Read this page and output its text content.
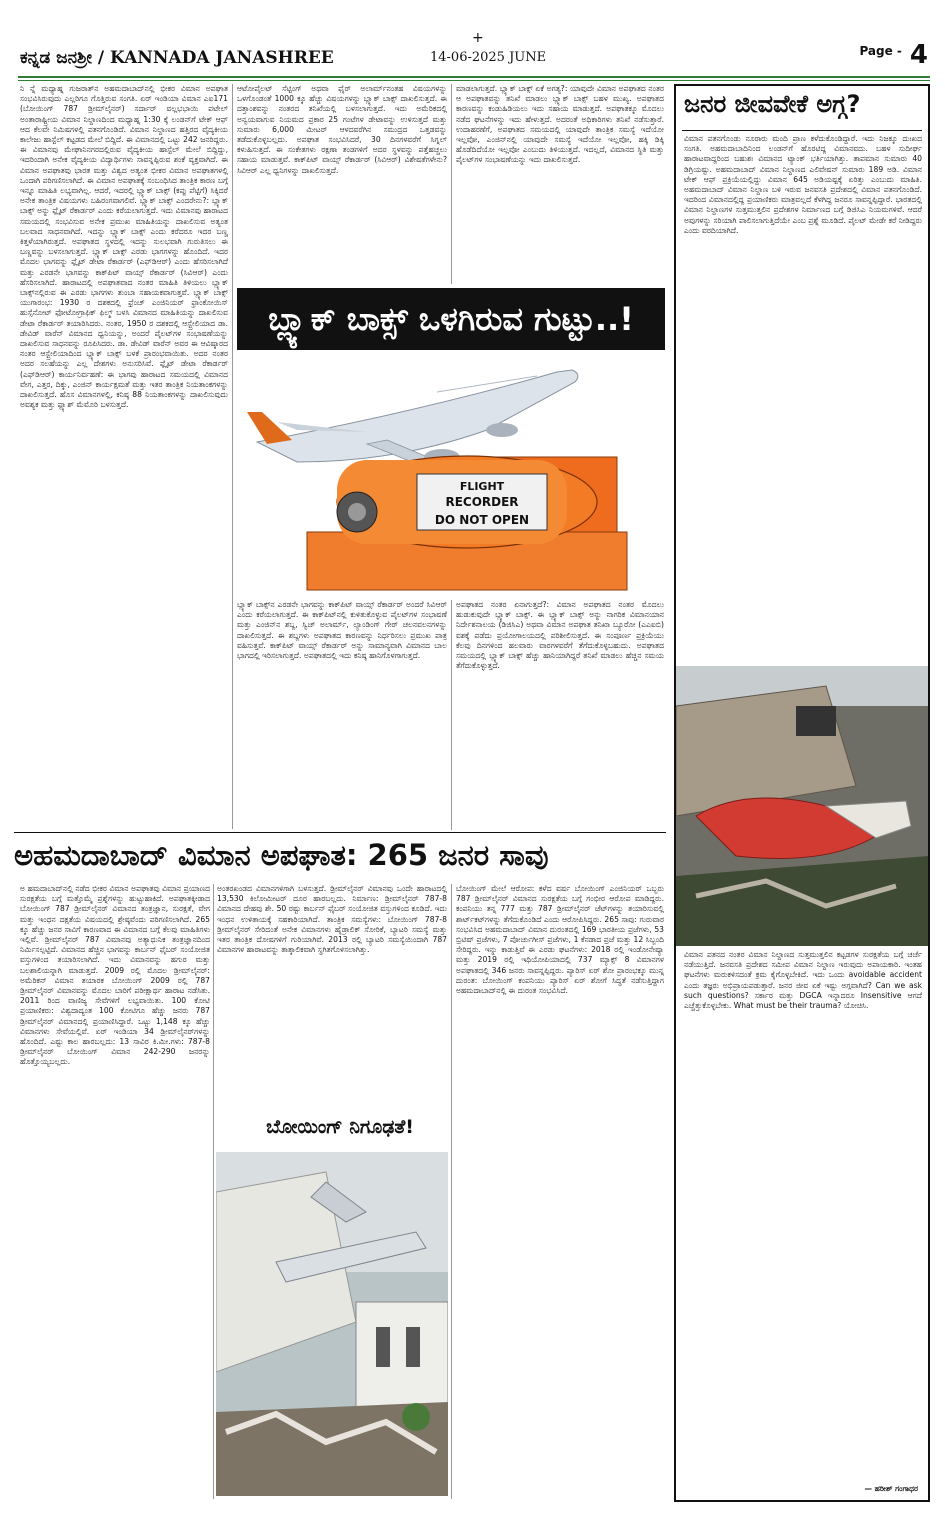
ಕನ್ನಡ ಜನಶ್ರೀ / KANNADA JANASHREE
+
14-06-2025 JUNE	$^{Page -}$ 4

ನಿ ನ್ನೆ ಮಧ್ಯಾಹ್ನ ಗುಜರಾತ್‌ನ ಅಹಮದಾಬಾದ್‌ನಲ್ಲಿ ಭೀಕರ ವಿಮಾನ ಅಪಘಾತ ಸಂಭವಿಸಿರುವುದು ಎಲ್ಲರಿಗೂ ಗೊತ್ತಿರುವ ಸಂಗತಿ. ಏರ್ ಇಂಡಿಯಾ ವಿಮಾನ ಎಐ171 (ಬೋಯಿಂಗ್ 787 ಡ್ರೀಮ್‌ಲೈನರ್) ಸರ್ದಾರ್ ವಲ್ಲಭಭಾಯಿ ಪಟೇಲ್ ಅಂತಾರಾಷ್ಟ್ರೀಯ ವಿಮಾನ ನಿಲ್ದಾಣದಿಂದ ಮಧ್ಯಾಹ್ನ 1:30 ಕ್ಕೆ ಲಂಡನ್‌ಗೆ ಟೇಕ್ ಆಫ್ ಆದ ಕೆಲವೇ ನಿಮಿಷಗಳಲ್ಲಿ ಪತನಗೊಂಡಿದೆ. ವಿಮಾನ ನಿಲ್ದಾಣದ ಹತ್ತಿರದ ವೈದ್ಯಕೀಯ ಕಾಲೇಜು ಹಾಸ್ಟೆಲ್ ಕಟ್ಟಡದ ಮೇಲೆ ಬಿದ್ದಿದೆ. ಈ ವಿಮಾನದಲ್ಲಿ ಒಟ್ಟು 242 ಜನರಿದ್ದರು. ಈ ವಿಮಾನವು ಮೇಘಾನಿನಗರದಲ್ಲಿರುವ ವೈದ್ಯಕೀಯ ಹಾಸ್ಟೆಲ್ ಮೇಲೆ ಬಿದ್ದಿದ್ದು, ಇದರಿಂದಾಗಿ ಅನೇಕ ವೈದ್ಯಕೀಯ ವಿದ್ಯಾರ್ಥಿಗಳು ಸಾವನ್ನಪ್ಪಿರುವ ಶಂಕೆ ವ್ಯಕ್ತವಾಗಿದೆ. ಈ ವಿಮಾನ ಅಪಘಾತವು ಭಾರತ ಮತ್ತು ವಿಶ್ವದ ಅತ್ಯಂತ ಭೀಕರ ವಿಮಾನ ಅಪಘಾತಗಳಲ್ಲಿ ಒಂದಾಗಿ ಪರಿಗಣಿಸಲಾಗಿದೆ. ಈ ವಿಮಾನ ಅಪಘಾತಕ್ಕೆ ಸಂಬಂಧಿಸಿದ ತಾಂತ್ರಿಕ ಕಾರಣ ಬಗ್ಗೆ ಇನ್ನೂ ಮಾಹಿತಿ ಲಭ್ಯವಾಗಿಲ್ಲ. ಆದರೆ, ಇದರಲ್ಲಿ ಬ್ಲ್ಯಾಕ್ ಬಾಕ್ಸ್ (ಕಪ್ಪು ಪೆಟ್ಟಿಗೆ) ಸಿಕ್ಕಿದರೆ ಅನೇಕ ತಾಂತ್ರಿಕ ವಿಷಯಗಳು ಬಹಿರಂಗವಾಗಲಿವೆ. ಬ್ಲ್ಯಾಕ್ ಬಾಕ್ಸ್ ಎಂದರೇನು?: ಬ್ಲ್ಯಾಕ್ ಬಾಕ್ಸ್ ಅನ್ನು ಫ್ಲೈಟ್ ರೆಕಾರ್ಡರ್ ಎಂದು ಕರೆಯಲಾಗುತ್ತದೆ. ಇದು ವಿಮಾನವು ಹಾರಾಟದ ಸಮಯದಲ್ಲಿ ಸಂಭವಿಸುವ ಅನೇಕ ಪ್ರಮುಖ ಮಾಹಿತಿಯನ್ನು ದಾಖಲಿಸುವ ಅತ್ಯಂತ ಬಲವಾದ ಸಾಧನವಾಗಿದೆ. ಇದನ್ನು ಬ್ಲ್ಯಾಕ್ ಬಾಕ್ಸ್ ಎಂದು ಕರೆದರೂ ಇದರ ಬಣ್ಣ ಕಿತ್ತಳೆಯಾಗಿರುತ್ತದೆ. ಅಪಘಾತದ ಸ್ಥಳದಲ್ಲಿ ಇದನ್ನು ಸುಲಭವಾಗಿ ಗುರುತಿಸಲು ಈ ಬಣ್ಣವನ್ನು ಬಳಸಲಾಗುತ್ತದೆ. ಬ್ಲ್ಯಾಕ್ ಬಾಕ್ಸ್ ಎರಡು ಭಾಗಗಳನ್ನು ಹೊಂದಿದೆ. ಇದರ ಮೊದಲ ಭಾಗವನ್ನು ಫ್ಲೈಟ್ ಡೇಟಾ ರೆಕಾರ್ಡರ್ (ಎಫ್‌ಡಿಆರ್) ಎಂದು ಹೆಸರಿಸಲಾಗಿದೆ ಮತ್ತು ಎರಡನೇ ಭಾಗವನ್ನು ಕಾಕ್‌ಪಿಟ್ ವಾಯ್ಸ್ ರೆಕಾರ್ಡರ್ (ಸಿವಿಆರ್) ಎಂದು ಹೆಸರಿಸಲಾಗಿದೆ. ಹಾರಾಟದಲ್ಲಿ ಅಪಘಾತವಾದ ನಂತರ ಮಾಹಿತಿ ತಿಳಿಯಲು ಬ್ಲ್ಯಾಕ್ ಬಾಕ್ಸ್‌ನಲ್ಲಿರುವ ಈ ಎರಡು ಭಾಗಗಳು ತುಂಬಾ ಸಹಾಯಕವಾಗುತ್ತವೆ. ಬ್ಲ್ಯಾಕ್ ಬಾಕ್ಸ್ ಯುಗಾರಂಭ: 1930 ರ ದಶಕದಲ್ಲಿ ಫ್ರೆಂಚ್ ಎಂಜಿನಿಯರ್ ಫ್ರಾಂಕೋಯಿಸ್ ಹುಸ್ಸೆನೋಟ್ ಫೋಟೋಗ್ರಾಫಿಕ್ ಫಿಲ್ಮ್ ಬಳಸಿ ವಿಮಾನದ ಮಾಹಿತಿಯನ್ನು ದಾಖಲಿಸುವ ಡೇಟಾ ರೆಕಾರ್ಡರ್ ತಯಾರಿಸಿದರು. ನಂತರ, 1950 ರ ದಶಕದಲ್ಲಿ ಆಸ್ಟ್ರೇಲಿಯಾದ ಡಾ. ಡೇವಿಡ್ ವಾರೆನ್ ವಿಮಾನದ ಧ್ವನಿಯನ್ನು, ಅಂದರೆ ಪೈಲಟ್‌ಗಳ ಸಂಭಾಷಣೆಯನ್ನು ದಾಖಲಿಸುವ ಸಾಧನವನ್ನು ರೂಪಿಸಿದರು. ಡಾ. ಡೇವಿಡ್ ವಾರೆನ್ ಅವರ ಈ ಆವಿಷ್ಕಾರದ ನಂತರ ಆಸ್ಟ್ರೇಲಿಯಾದಿಂದ ಬ್ಲ್ಯಾಕ್ ಬಾಕ್ಸ್ ಬಳಕೆ ಪ್ರಾರಂಭವಾಯಿತು. ಅದರ ನಂತರ ಅದರ ಸಲಹೆಯನ್ನು ಎಲ್ಲ ದೇಶಗಳು ಅನುಸರಿಸಿವೆ. ಫ್ಲೈಟ್ ಡೇಟಾ ರೆಕಾರ್ಡರ್ (ಎಫ್‌ಡಿಆರ್) ಕಾರ್ಯನಿರ್ವಹಣೆ: ಈ ಭಾಗವು ಹಾರಾಟದ ಸಮಯದಲ್ಲಿ ವಿಮಾನದ ವೇಗ, ಎತ್ತರ, ದಿಕ್ಕು, ಎಂಜಿನ್ ಕಾರ್ಯಕ್ಷಮತೆ ಮತ್ತು ಇತರ ತಾಂತ್ರಿಕ ನಿಯತಾಂಕಗಳನ್ನು ದಾಖಲಿಸುತ್ತದೆ. ಹೊಸ ವಿಮಾನಗಳಲ್ಲಿ, ಕನಿಷ್ಠ 88 ನಿಯತಾಂಕಗಳನ್ನು ದಾಖಲಿಸುವುದು ಅವಶ್ಯಕ ಮತ್ತು ಫ್ಲ್ಯಾಶ್ ಮೆಮೊರಿ ಬಳಸುತ್ತದೆ.

ಆಟೋಪೈಲಟ್ ಸೆಟ್ಟಿಂಗ್ ಅಥವಾ ಫೈರ್ ಅಲಾರ್ಮ್‌ನಂತಹ ವಿಷಯಗಳನ್ನು ಒಳಗೊಂಡಂತೆ 1000 ಕ್ಕೂ ಹೆಚ್ಚು ವಿಷಯಗಳನ್ನು ಬ್ಲ್ಯಾಕ್ ಬಾಕ್ಸ್ ದಾಖಲಿಸುತ್ತದೆ. ಈ ದತ್ತಾಂಶವನ್ನು ನಂತರದ ತನಿಖೆಯಲ್ಲಿ ಬಳಸಲಾಗುತ್ತದೆ. ಇದು ಅಮೆರಿಕದಲ್ಲಿ ಅನ್ವಯವಾಗುವ ನಿಯಮದ ಪ್ರಕಾರ 25 ಗಂಟೆಗಳ ಡೇಟಾವನ್ನು ಉಳಿಸುತ್ತದೆ ಮತ್ತು ಸುಮಾರು 6,000 ಮೀಟರ್ ಆಳದವರೆಗಿನ ಸಮುದ್ರದ ಒತ್ತಡವನ್ನು ತಡೆದುಕೊಳ್ಳಬಲ್ಲದು. ಅಪಘಾತ ಸಂಭವಿಸಿದರೆ, 30 ದಿನಗಳವರೆಗೆ ಸಿಗ್ನಲ್ ಕಳುಹಿಸುತ್ತದೆ. ಈ ಸಂಕೇತಗಳು ರಕ್ಷಣಾ ತಂಡಗಳಿಗೆ ಅದರ ಸ್ಥಳವನ್ನು ಪತ್ತೆಹಚ್ಚಲು ಸಹಾಯ ಮಾಡುತ್ತವೆ. ಕಾಕ್‌ಪಿಟ್ ವಾಯ್ಸ್ ರೆಕಾರ್ಡರ್ (ಸಿವಿಆರ್) ವಿಶೇಷತೆಗಳೇನು? ಸಿವಿಆರ್ ಎಲ್ಲ ಧ್ವನಿಗಳನ್ನು ದಾಖಲಿಸುತ್ತದೆ.

ಮಾಡಲಾಗುತ್ತದೆ. ಬ್ಲ್ಯಾಕ್ ಬಾಕ್ಸ್ ಏಕೆ ಅಗತ್ಯ?: ಯಾವುದೇ ವಿಮಾನ ಅಪಘಾತದ ನಂತರ ಆ ಅಪಘಾತವನ್ನು ತನಿಖೆ ಮಾಡಲು ಬ್ಲ್ಯಾಕ್ ಬಾಕ್ಸ್ ಬಹಳ ಮುಖ್ಯ. ಅಪಘಾತದ ಕಾರಣವನ್ನು ಕಂಡುಹಿಡಿಯಲು ಇದು ಸಹಾಯ ಮಾಡುತ್ತದೆ. ಅಪಘಾತಕ್ಕೂ ಮೊದಲು ನಡೆದ ಘಟನೆಗಳನ್ನು ಇದು ಹೇಳುತ್ತದೆ. ಅದರಂತೆ ಅಧಿಕಾರಿಗಳು ತನಿಖೆ ನಡೆಸುತ್ತಾರೆ. ಉದಾಹರಣೆಗೆ, ಅಪಘಾತದ ಸಮಯದಲ್ಲಿ ಯಾವುದೇ ತಾಂತ್ರಿಕ ಸಮಸ್ಯೆ ಇದೆಯೋ ಇಲ್ಲವೋ, ಎಂಜಿನ್‌ನಲ್ಲಿ ಯಾವುದೇ ಸಮಸ್ಯೆ ಇದೆಯೋ ಇಲ್ಲವೋ, ಹಕ್ಕಿ ಡಿಕ್ಕಿ ಹೊಡೆದಿದೆಯೋ ಇಲ್ಲವೋ ಎಂಬುದು ತಿಳಿಯುತ್ತದೆ. ಇದಲ್ಲದೆ, ವಿಮಾನದ ಸ್ಥಿತಿ ಮತ್ತು ಪೈಲಟ್‌ಗಳ ಸಂಭಾಷಣೆಯನ್ನು ಇದು ದಾಖಲಿಸುತ್ತದೆ.

ಬ್ಲ್ಯಾಕ್ ಬಾಕ್ಸ್ ಒಳಗಿರುವ ಗುಟ್ಟು..!
FLIGHT
RECORDER
DO NOT OPEN

ಬ್ಲ್ಯಾಕ್ ಬಾಕ್ಸ್‌ನ ಎರಡನೇ ಭಾಗವನ್ನು ಕಾಕ್‌ಪಿಟ್ ವಾಯ್ಸ್ ರೆಕಾರ್ಡರ್ ಅಂದರೆ ಸಿವಿಆರ್ ಎಂದು ಕರೆಯಲಾಗುತ್ತದೆ. ಈ ಕಾಕ್‌ಪಿಟ್‌ನಲ್ಲಿ ಕುಳಿತುಕೊಳ್ಳುವ ಪೈಲಟ್‌ಗಳ ಸಂಭಾಷಣೆ ಮತ್ತು ಎಂಜಿನ್‌ನ ಶಬ್ದ, ಸ್ವಿಚ್ ಅಲಾರ್ಮ್, ಲ್ಯಾಂಡಿಂಗ್ ಗೇರ್ ಚಲನವಲನಗಳನ್ನು ದಾಖಲಿಸುತ್ತದೆ. ಈ ಶಬ್ದಗಳು ಅಪಘಾತದ ಕಾರಣವನ್ನು ನಿರ್ಧರಿಸಲು ಪ್ರಮುಖ ಪಾತ್ರ ವಹಿಸುತ್ತವೆ. ಕಾಕ್‌ಪಿಟ್ ವಾಯ್ಸ್ ರೆಕಾರ್ಡರ್ ಅನ್ನು ಸಾಮಾನ್ಯವಾಗಿ ವಿಮಾನದ ಬಾಲ ಭಾಗದಲ್ಲಿ ಇರಿಸಲಾಗುತ್ತದೆ. ಅಪಘಾತದಲ್ಲಿ ಇದು ಕನಿಷ್ಠ ಹಾನಿಗೊಳಗಾಗುತ್ತದೆ.

ಅಪಘಾತದ ನಂತರ ಏನಾಗುತ್ತದೆ?: ವಿಮಾನ ಅಪಘಾತದ ನಂತರ ಮೊದಲು ಹುಡುಕುವುದೇ ಬ್ಲ್ಯಾಕ್ ಬಾಕ್ಸ್. ಈ ಬ್ಲ್ಯಾಕ್ ಬಾಕ್ಸ್ ಅನ್ನು ನಾಗರಿಕ ವಿಮಾನಯಾನ ನಿರ್ದೇಶನಾಲಯ (ಡಿಜಿಸಿಎ) ಅಥವಾ ವಿಮಾನ ಅಪಘಾತ ತನಿಖಾ ಬ್ಯೂರೋ (ಎಎಐಬಿ) ವಶಕ್ಕೆ ಪಡೆದು ಪ್ರಯೋಗಾಲಯದಲ್ಲಿ ಪರಿಶೀಲಿಸುತ್ತದೆ. ಈ ಸಂಪೂರ್ಣ ಪ್ರಕ್ರಿಯೆಯು ಕೆಲವು ದಿನಗಳಿಂದ ಹಲವಾರು ವಾರಗಳವರೆಗೆ ತೆಗೆದುಕೊಳ್ಳಬಹುದು. ಅಪಘಾತದ ಸಮಯದಲ್ಲಿ ಬ್ಲ್ಯಾಕ್ ಬಾಕ್ಸ್ ಹೆಚ್ಚು ಹಾನಿಯಾಗಿದ್ದರೆ ತನಿಖೆ ಮಾಡಲು ಹೆಚ್ಚಿನ ಸಮಯ ತೆಗೆದುಕೊಳ್ಳುತ್ತದೆ.

ಅಹಮದಾಬಾದ್ ವಿಮಾನ ಅಪಘಾತ: 265 ಜನರ ಸಾವು

ಅ ಹಮದಾಬಾದ್‌ನಲ್ಲಿ ನಡೆದ ಭೀಕರ ವಿಮಾನ ಅಪಘಾತವು ವಿಮಾನ ಪ್ರಯಾಣದ ಸುರಕ್ಷತೆಯ ಬಗ್ಗೆ ಮತ್ತೊಮ್ಮೆ ಪ್ರಶ್ನೆಗಳನ್ನು ಹುಟ್ಟುಹಾಕಿದೆ. ಅಪಘಾತಕ್ಕೀಡಾದ ಬೋಯಿಂಗ್ 787 ಡ್ರೀಮ್‌ಲೈನರ್ ವಿಮಾನದ ತಂತ್ರಜ್ಞಾನ, ಸುರಕ್ಷತೆ, ವೇಗ ಮತ್ತು ಇಂಧನ ದಕ್ಷತೆಯ ವಿಷಯದಲ್ಲಿ ಶ್ರೇಷ್ಠವೆಂದು ಪರಿಗಣಿಸಲಾಗಿದೆ. 265 ಕ್ಕೂ ಹೆಚ್ಚು ಜನರ ಸಾವಿಗೆ ಕಾರಣವಾದ ಈ ವಿಮಾನದ ಬಗ್ಗೆ ಕೆಲವು ಮಾಹಿತಿಗಳು ಇಲ್ಲಿವೆ. ಡ್ರೀಮ್‌ಲೈನರ್ 787 ವಿಮಾನವು ಅತ್ಯಾಧುನಿಕ ತಂತ್ರಜ್ಞಾನದಿಂದ ನಿರ್ಮಿಸಲ್ಪಟ್ಟಿದೆ. ವಿಮಾನದ ಹೆಚ್ಚಿನ ಭಾಗವನ್ನು ಕಾರ್ಬನ್ ಫೈಬರ್ ಸಂಯೋಜಿತ ವಸ್ತುಗಳಿಂದ ತಯಾರಿಸಲಾಗಿದೆ. ಇದು ವಿಮಾನವನ್ನು ಹಗುರ ಮತ್ತು ಬಲಶಾಲಿಯನ್ನಾಗಿ ಮಾಡುತ್ತದೆ. 2009 ರಲ್ಲಿ ಮೊದಲ ಡ್ರೀಮ್‌ಲೈನರ್: ಅಮೆರಿಕನ್ ವಿಮಾನ ತಯಾರಕ ಬೋಯಿಂಗ್ 2009 ರಲ್ಲಿ 787 ಡ್ರೀಮ್‌ಲೈನರ್ ವಿಮಾನವನ್ನು ಮೊದಲ ಬಾರಿಗೆ ಪರೀಕ್ಷಾರ್ಥ ಹಾರಾಟ ನಡೆಸಿತು. 2011 ರಿಂದ ವಾಣಿಜ್ಯ ಸೇವೆಗಳಿಗೆ ಲಭ್ಯವಾಯಿತು. 100 ಕೋಟಿ ಪ್ರಯಾಣಿಕರು: ವಿಶ್ವದಾದ್ಯಂತ 100 ಕೋಟಿಗೂ ಹೆಚ್ಚು ಜನರು 787 ಡ್ರೀಮ್‌ಲೈನರ್ ವಿಮಾನದಲ್ಲಿ ಪ್ರಯಾಣಿಸಿದ್ದಾರೆ. ಒಟ್ಟು 1,148 ಕ್ಕೂ ಹೆಚ್ಚು ವಿಮಾನಗಳು ಸೇವೆಯಲ್ಲಿವೆ. ಏರ್ ಇಂಡಿಯಾ 34 ಡ್ರೀಮ್‌ಲೈನರ್‌ಗಳನ್ನು ಹೊಂದಿದೆ. ಎಷ್ಟು ಕಾಲ ಹಾರಬಲ್ಲದು: 13 ಸಾವಿರ ಕಿ.ಮೀ.ಗಳು: 787-8 ಡ್ರೀಮ್‌ಲೈನರ್ ಬೋಯಿಂಗ್ ವಿಮಾನ 242-290 ಜನರನ್ನು ಹೊತ್ತೊಯ್ಯಬಲ್ಲದು.

ಅಂತರಖಂಡದ ವಿಮಾನಗಳಿಗಾಗಿ ಬಳಸುತ್ತದೆ. ಡ್ರೀಮ್‌ಲೈನರ್ ವಿಮಾನವು ಒಂದೇ ಹಾರಾಟದಲ್ಲಿ 13,530 ಕಿಲೋಮೀಟರ್ ದೂರ ಹಾರಬಲ್ಲದು. ನಿರ್ಮಾಣ: ಡ್ರೀಮ್‌ಲೈನರ್ 787-8 ವಿಮಾನದ ದೇಹವು ಶೇ. 50 ರಷ್ಟು ಕಾರ್ಬನ್ ಫೈಬರ್ ಸಂಯೋಜಿತ ವಸ್ತುಗಳಿಂದ ಕೂಡಿದೆ. ಇದು ಇಂಧನ ಉಳಿತಾಯಕ್ಕೆ ಸಹಕಾರಿಯಾಗಿದೆ. ತಾಂತ್ರಿಕ ಸಮಸ್ಯೆಗಳು: ಬೋಯಿಂಗ್ 787-8 ಡ್ರೀಮ್‌ಲೈನರ್ ಸೇರಿದಂತೆ ಅನೇಕ ವಿಮಾನಗಳು ಹೈಡ್ರಾಲಿಕ್ ಸೋರಿಕೆ, ಬ್ಯಾಟರಿ ಸಮಸ್ಯೆ ಮತ್ತು ಇತರ ತಾಂತ್ರಿಕ ದೋಷಗಳಿಗೆ ಗುರಿಯಾಗಿವೆ. 2013 ರಲ್ಲಿ ಬ್ಯಾಟರಿ ಸಮಸ್ಯೆಯಿಂದಾಗಿ 787 ವಿಮಾನಗಳ ಹಾರಾಟವನ್ನು ತಾತ್ಕಾಲಿಕವಾಗಿ ಸ್ಥಗಿತಗೊಳಿಸಲಾಗಿತ್ತು.

ಬೋಯಿಂಗ್ ಮೇಲೆ ಆರೋಪ: ಕಳೆದ ವರ್ಷ ಬೋಯಿಂಗ್ ಎಂಜಿನಿಯರ್ ಒಬ್ಬರು 787 ಡ್ರೀಮ್‌ಲೈನರ್ ವಿಮಾನದ ಸುರಕ್ಷತೆಯ ಬಗ್ಗೆ ಗಂಭೀರ ಆರೋಪ ಮಾಡಿದ್ದರು. ಕಂಪನಿಯು ತನ್ನ 777 ಮತ್ತು 787 ಡ್ರೀಮ್‌ಲೈನರ್ ಜೆಟ್‌ಗಳನ್ನು ತಯಾರಿಸುವಲ್ಲಿ ಶಾರ್ಟ್‌ಕಟ್‌ಗಳನ್ನು ತೆಗೆದುಕೊಂಡಿದೆ ಎಂದು ಆರೋಪಿಸಿದ್ದರು. 265 ಸಾವು: ಗುರುವಾರ ಸಂಭವಿಸಿದ ಅಹಮದಾಬಾದ್ ವಿಮಾನ ದುರಂತದಲ್ಲಿ 169 ಭಾರತೀಯ ಪ್ರಜೆಗಳು, 53 ಬ್ರಿಟಿಷ್ ಪ್ರಜೆಗಳು, 7 ಪೋರ್ಚುಗೀಸ್ ಪ್ರಜೆಗಳು, 1 ಕೆನಡಾದ ಪ್ರಜೆ ಮತ್ತು 12 ಸಿಬ್ಬಂದಿ ಸೇರಿದ್ದರು. ಇನ್ನು ಕಾಡುತ್ತಿವೆ ಈ ಎರಡು ಘಟನೆಗಳು: 2018 ರಲ್ಲಿ ಇಂಡೋನೇಷ್ಯಾ ಮತ್ತು 2019 ರಲ್ಲಿ ಇಥಿಯೋಪಿಯಾದಲ್ಲಿ 737 ಮ್ಯಾಕ್ಸ್ 8 ವಿಮಾನಗಳ ಅಪಘಾತದಲ್ಲಿ 346 ಜನರು ಸಾವನ್ನಪ್ಪಿದ್ದರು. ಪ್ಯಾರಿಸ್ ಏರ್ ಶೋ ಪ್ರಾರಂಭಕ್ಕೂ ಮುನ್ನ ದುರಂತ: ಬೋಯಿಂಗ್ ಕಂಪನಿಯು ಪ್ಯಾರಿಸ್ ಏರ್ ಶೋಗೆ ಸಿದ್ಧತೆ ನಡೆಸುತ್ತಿದ್ದಾಗ ಅಹಮದಾಬಾದ್‌ನಲ್ಲಿ ಈ ದುರಂತ ಸಂಭವಿಸಿದೆ.

ಬೋಯಿಂಗ್ ನಿಗೂಢತೆ!
ಜನರ ಜೀವವೇಕೆ ಅಗ್ಗ?

ವಿಮಾನ ಪತನಗೊಂಡು ನೂರಾರು ಮಂದಿ ಪ್ರಾಣ ಕಳೆದುಕೊಂಡಿದ್ದಾರೆ. ಇದು ನಿಜಕ್ಕೂ ದುಃಖದ ಸಂಗತಿ. ಅಹಮದಾಬಾದಿನಿಂದ ಲಂಡನ್‌ಗೆ ಹೊರಟಿದ್ದ ವಿಮಾನವದು. ಬಹಳ ಸುದೀರ್ಘ ಹಾರಾಟವಾದ್ದರಿಂದ ಬಹುಶಃ ವಿಮಾನದ ಟ್ಯಾಂಕ್ ಭರ್ತಿಯಾಗಿತ್ತು. ತಾಪಮಾನ ಸುಮಾರು 40 ಡಿಗ್ರಿಯಷ್ಟು. ಅಹಮದಾಬಾದ್ ವಿಮಾನ ನಿಲ್ದಾಣದ ಎಲಿವೇಷನ್ ಸುಮಾರು 189 ಅಡಿ. ವಿಮಾನ ಟೇಕ್ ಆಫ್ ಪ್ರಕ್ರಿಯೆಯಲ್ಲಿದ್ದು ವಿಮಾನ 645 ಅಡಿಯಷ್ಟಕ್ಕೆ ಏರಿತ್ತು ಎಂಬುದು ಮಾಹಿತಿ. ಅಹಮದಾಬಾದ್ ವಿಮಾನ ನಿಲ್ದಾಣ ಬಳಿ ಇರುವ ಜನವಸತಿ ಪ್ರದೇಶದಲ್ಲಿ ವಿಮಾನ ಪತನಗೊಂಡಿದೆ. ಇದರಿಂದ ವಿಮಾನದಲ್ಲಿದ್ದ ಪ್ರಯಾಣಿಕರು ಮಾತ್ರವಲ್ಲದೆ ಕೆಳಗಿದ್ದ ಜನರೂ ಸಾವನ್ನಪ್ಪಿದ್ದಾರೆ. ಭಾರತದಲ್ಲಿ ವಿಮಾನ ನಿಲ್ದಾಣಗಳ ಸುತ್ತಮುತ್ತಲಿನ ಪ್ರದೇಶಗಳ ನಿರ್ಮಾಣದ ಬಗ್ಗೆ ಡಿಜಿಸಿಎ ನಿಯಮಗಳಿವೆ. ಆದರೆ ಅವುಗಳನ್ನು ಸರಿಯಾಗಿ ಪಾಲಿಸಲಾಗುತ್ತಿದೆಯೇ ಎಂಬ ಪ್ರಶ್ನೆ ಮೂಡಿದೆ. ಪೈಲಟ್ ಮೇಡೇ ಕರೆ ನೀಡಿದ್ದರು ಎಂದು ವರದಿಯಾಗಿದೆ.

ವಿಮಾನ ಪತನದ ನಂತರ ವಿಮಾನ ನಿಲ್ದಾಣದ ಸುತ್ತಮುತ್ತಲಿನ ಕಟ್ಟಡಗಳ ಸುರಕ್ಷತೆಯ ಬಗ್ಗೆ ಚರ್ಚೆ ನಡೆಯುತ್ತಿದೆ. ಜನವಸತಿ ಪ್ರದೇಶದ ಸಮೀಪ ವಿಮಾನ ನಿಲ್ದಾಣ ಇರುವುದು ಅಪಾಯಕಾರಿ. ಇಂತಹ ಘಟನೆಗಳು ಮರುಕಳಿಸದಂತೆ ಕ್ರಮ ಕೈಗೊಳ್ಳಬೇಕಿದೆ. ಇದು ಒಂದು avoidable accident ಎಂದು ತಜ್ಞರು ಅಭಿಪ್ರಾಯಪಡುತ್ತಾರೆ. ಜನರ ಜೀವ ಏಕೆ ಇಷ್ಟು ಅಗ್ಗವಾಗಿದೆ? Can we ask such questions? ಸರ್ಕಾರ ಮತ್ತು DGCA ಇನ್ನಾದರೂ Insensitive ಆಗದೆ ಎಚ್ಚೆತ್ತುಕೊಳ್ಳಬೇಕು. What must be their trauma? ಯೋಚಿಸಿ.

— ಹರೀಶ್ ಗಂಗಾಧರ
